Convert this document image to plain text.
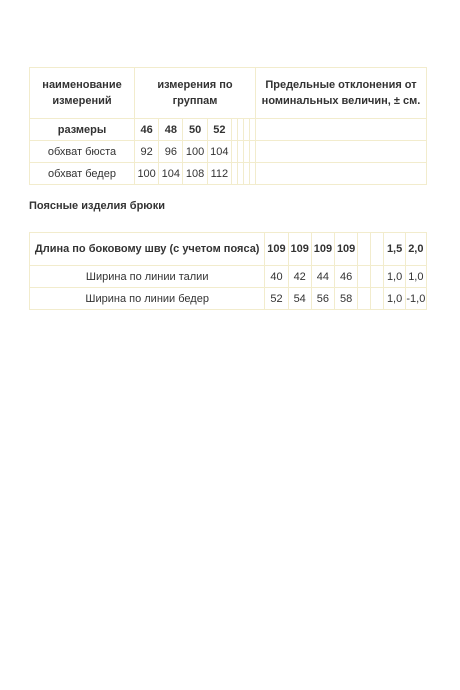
наименование измерений	измерения по группам								Предельные отклонения от номинальных величин, ± см.
размеры	46	48	50	52					
обхват бюста	92	96	100	104					
обхват бедер	100	104	108	112					
Поясные изделия брюки
Длина по боковому шву (с учетом пояса)	109	109	109	109			1,5	2,0
Ширина по линии талии	40	42	44	46			1,0	1,0
Ширина по линии бедер	52	54	56	58			1,0	-1,0
